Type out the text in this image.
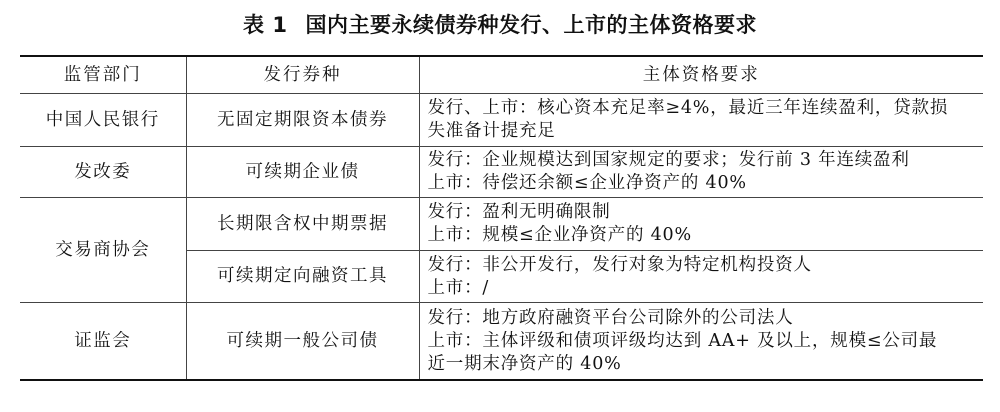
表 1 国内主要永续债券种发行、上市的主体资格要求
监管部门	发行券种	主体资格要求
中国人民银行	无固定期限资本债券	发行、上市：核心资本充足率≥4%，最近三年连续盈利，贷款损
失准备计提充足

发改委	可续期企业债	发行：企业规模达到国家规定的要求；发行前 3 年连续盈利
上市：待偿还余额≤企业净资产的 40%

交易商协会	长期限含权中期票据	发行：盈利无明确限制
上市：规模≤企业净资产的 40%

	可续期定向融资工具	发行：非公开发行，发行对象为特定机构投资人
上市：/

证监会	可续期一般公司债	发行：地方政府融资平台公司除外的公司法人
上市：主体评级和债项评级均达到 AA+ 及以上，规模≤公司最
近一期末净资产的 40%
